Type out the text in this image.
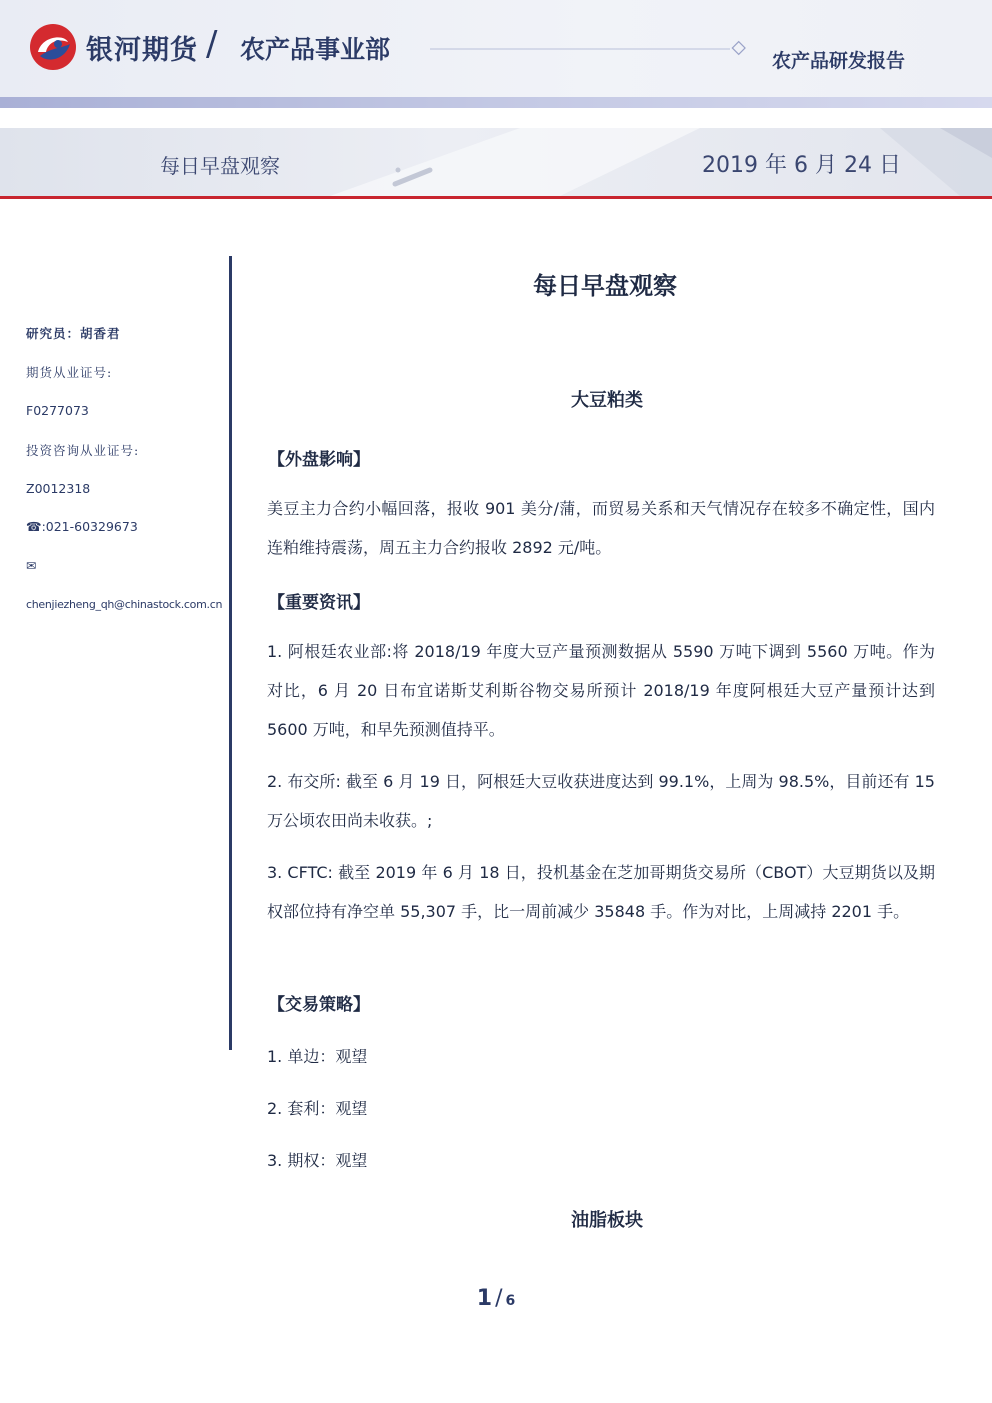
银河期货 / 农产品事业部	农产品研发报告
每日早盘观察	2019 年 6 月 24 日
研究员：胡香君
期货从业证号:
F0277073
投资咨询从业证号:
Z0012318
☎:021-60329673
✉
chenjiezheng_qh@chinastock.com.cn
每日早盘观察
大豆粕类
【外盘影响】
美豆主力合约小幅回落，报收 901 美分/蒲，而贸易关系和天气情况存在较多不确定性，国内连粕维持震荡，周五主力合约报收 2892 元/吨。
【重要资讯】
1. 阿根廷农业部:将 2018/19 年度大豆产量预测数据从 5590 万吨下调到 5560 万吨。作为对比，6 月 20 日布宜诺斯艾利斯谷物交易所预计 2018/19 年度阿根廷大豆产量预计达到 5600 万吨，和早先预测值持平。
2. 布交所: 截至 6 月 19 日，阿根廷大豆收获进度达到 99.1%，上周为 98.5%，目前还有 15 万公顷农田尚未收获。;
3. CFTC: 截至 2019 年 6 月 18 日，投机基金在芝加哥期货交易所（CBOT）大豆期货以及期权部位持有净空单 55,307 手，比一周前减少 35848 手。作为对比，上周减持 2201 手。
【交易策略】
1. 单边：观望
2. 套利：观望
3. 期权：观望
油脂板块
1 / 6
